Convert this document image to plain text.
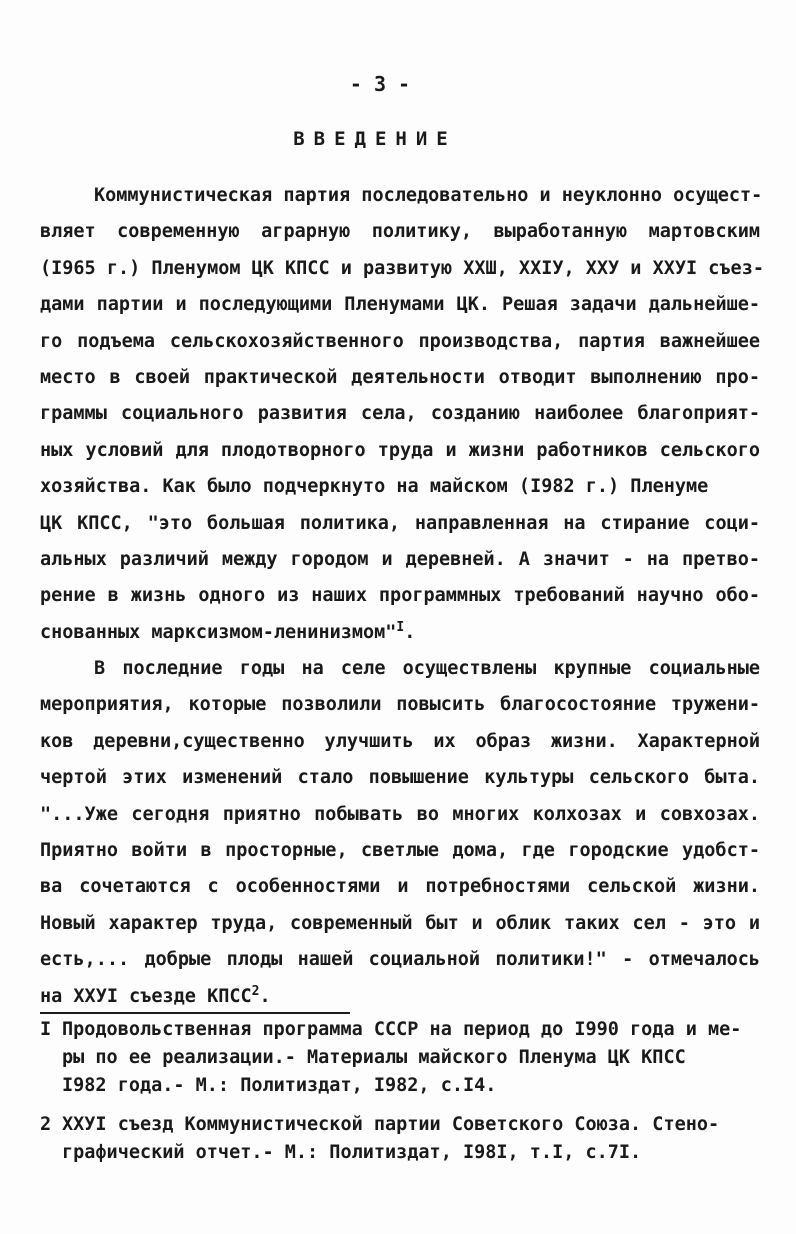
- 3 -
ВВЕДЕНИЕ
Коммунистическая партия последовательно и неуклонно осущест-
вляет современную аграрную политику, выработанную мартовским
(I965 г.) Пленумом ЦК КПСС и развитую XXШ, XXIУ, XXУ и XXУI съез-
дами партии и последующими Пленумами ЦК. Решая задачи дальнейше-
го подъема сельскохозяйственного производства, партия важнейшее
место в своей практической деятельности отводит выполнению про-
граммы социального развития села, созданию наиболее благоприят-
ных условий для плодотворного труда и жизни работников сельского
хозяйства. Как было подчеркнуто на майском (I982 г.) Пленуме
ЦК КПСС, "это большая политика, направленная на стирание соци-
альных различий между городом и деревней. А значит - на претво-
рение в жизнь одного из наших программных требований научно обо-
снованных марксизмом-ленинизмом"$^I$.
В последние годы на селе осуществлены крупные социальные
мероприятия, которые позволили повысить благосостояние тружени-
ков деревни,существенно улучшить их образ жизни. Характерной
чертой этих изменений стало повышение культуры сельского быта.
"...Уже сегодня приятно побывать во многих колхозах и совхозах.
Приятно войти в просторные, светлые дома, где городские удобст-
ва сочетаются с особенностями и потребностями сельской жизни.
Новый характер труда, современный быт и облик таких сел - это и
есть,... добрые плоды нашей социальной политики!" - отмечалось
на XXУI съезде КПСС$^2$.
I Продовольственная программа СССР на период до I990 года и ме-
ры по ее реализации.- Материалы майского Пленума ЦК КПСС
I982 года.- М.: Политиздат, I982, с.I4.
2 XXУI съезд Коммунистической партии Советского Союза. Стено-
графический отчет.- М.: Политиздат, I98I, т.I, с.7I.
